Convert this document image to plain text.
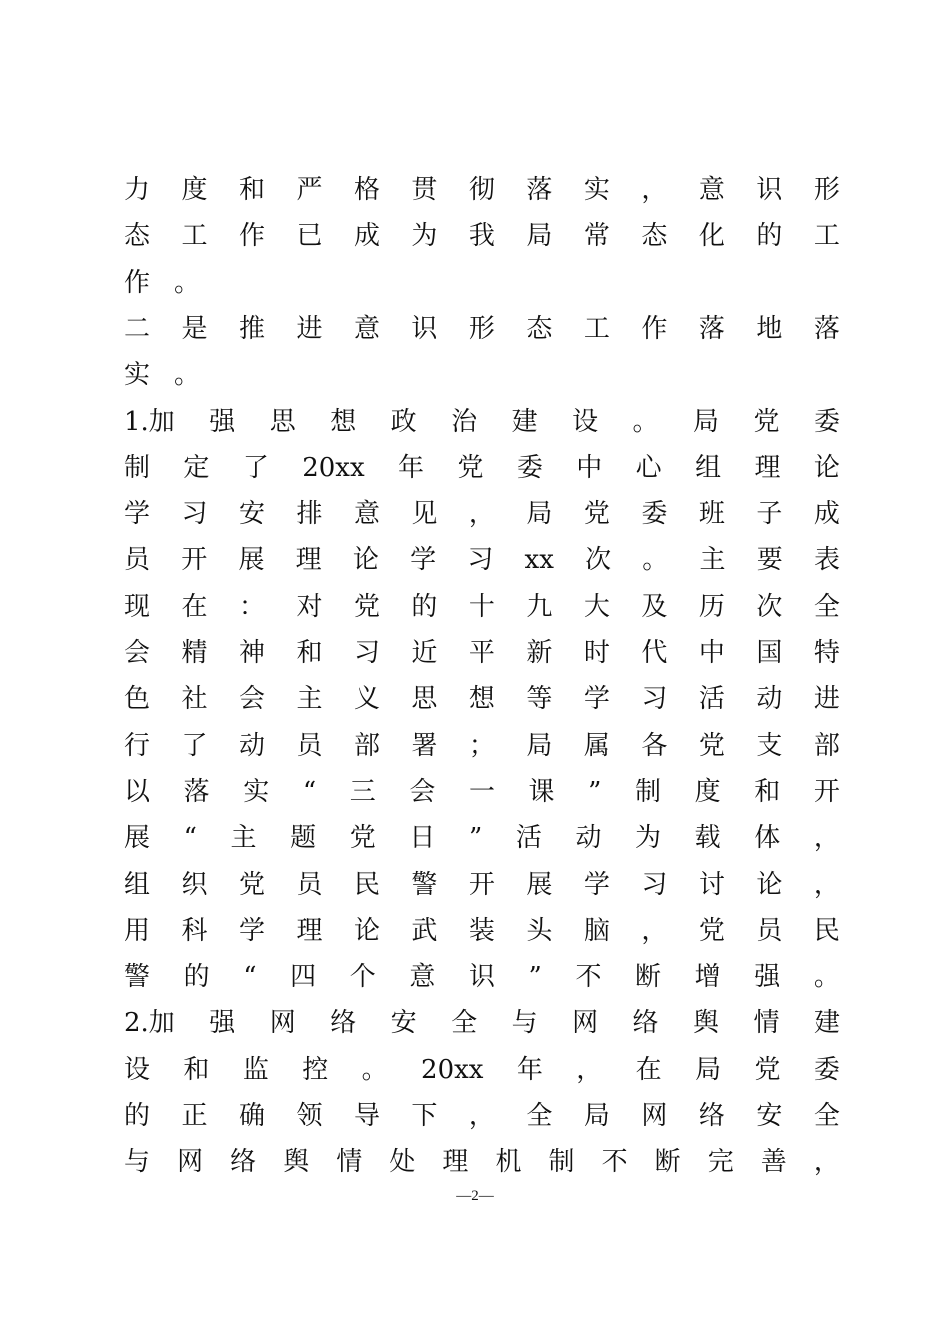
力 度 和 严 格 贯 彻 落 实 ， 意 识 形
态 工 作 已 成 为 我 局 常 态 化 的 工
作 。
二 是 推 进 意 识 形 态 工 作 落 地 落
实 。
1.加 强 思 想 政 治 建 设 。 局 党 委
制 定 了 20xx 年 党 委 中 心 组 理 论
学 习 安 排 意 见 ， 局 党 委 班 子 成
员 开 展 理 论 学 习 xx 次 。 主 要 表
现 在 ： 对 党 的 十 九 大 及 历 次 全
会 精 神 和 习 近 平 新 时 代 中 国 特
色 社 会 主 义 思 想 等 学 习 活 动 进
行 了 动 员 部 署 ； 局 属 各 党 支 部
以 落 实 “ 三 会 一 课 ” 制 度 和 开
展 “ 主 题 党 日 ” 活 动 为 载 体 ，
组 织 党 员 民 警 开 展 学 习 讨 论 ，
用 科 学 理 论 武 装 头 脑 ， 党 员 民
警 的 “ 四 个 意 识 ” 不 断 增 强 。
2.加 强 网 络 安 全 与 网 络 舆 情 建
设 和 监 控 。 20xx 年 ， 在 局 党 委
的 正 确 领 导 下 ， 全 局 网 络 安 全
与 网 络 舆 情 处 理 机 制 不 断 完 善 ，
—2—
